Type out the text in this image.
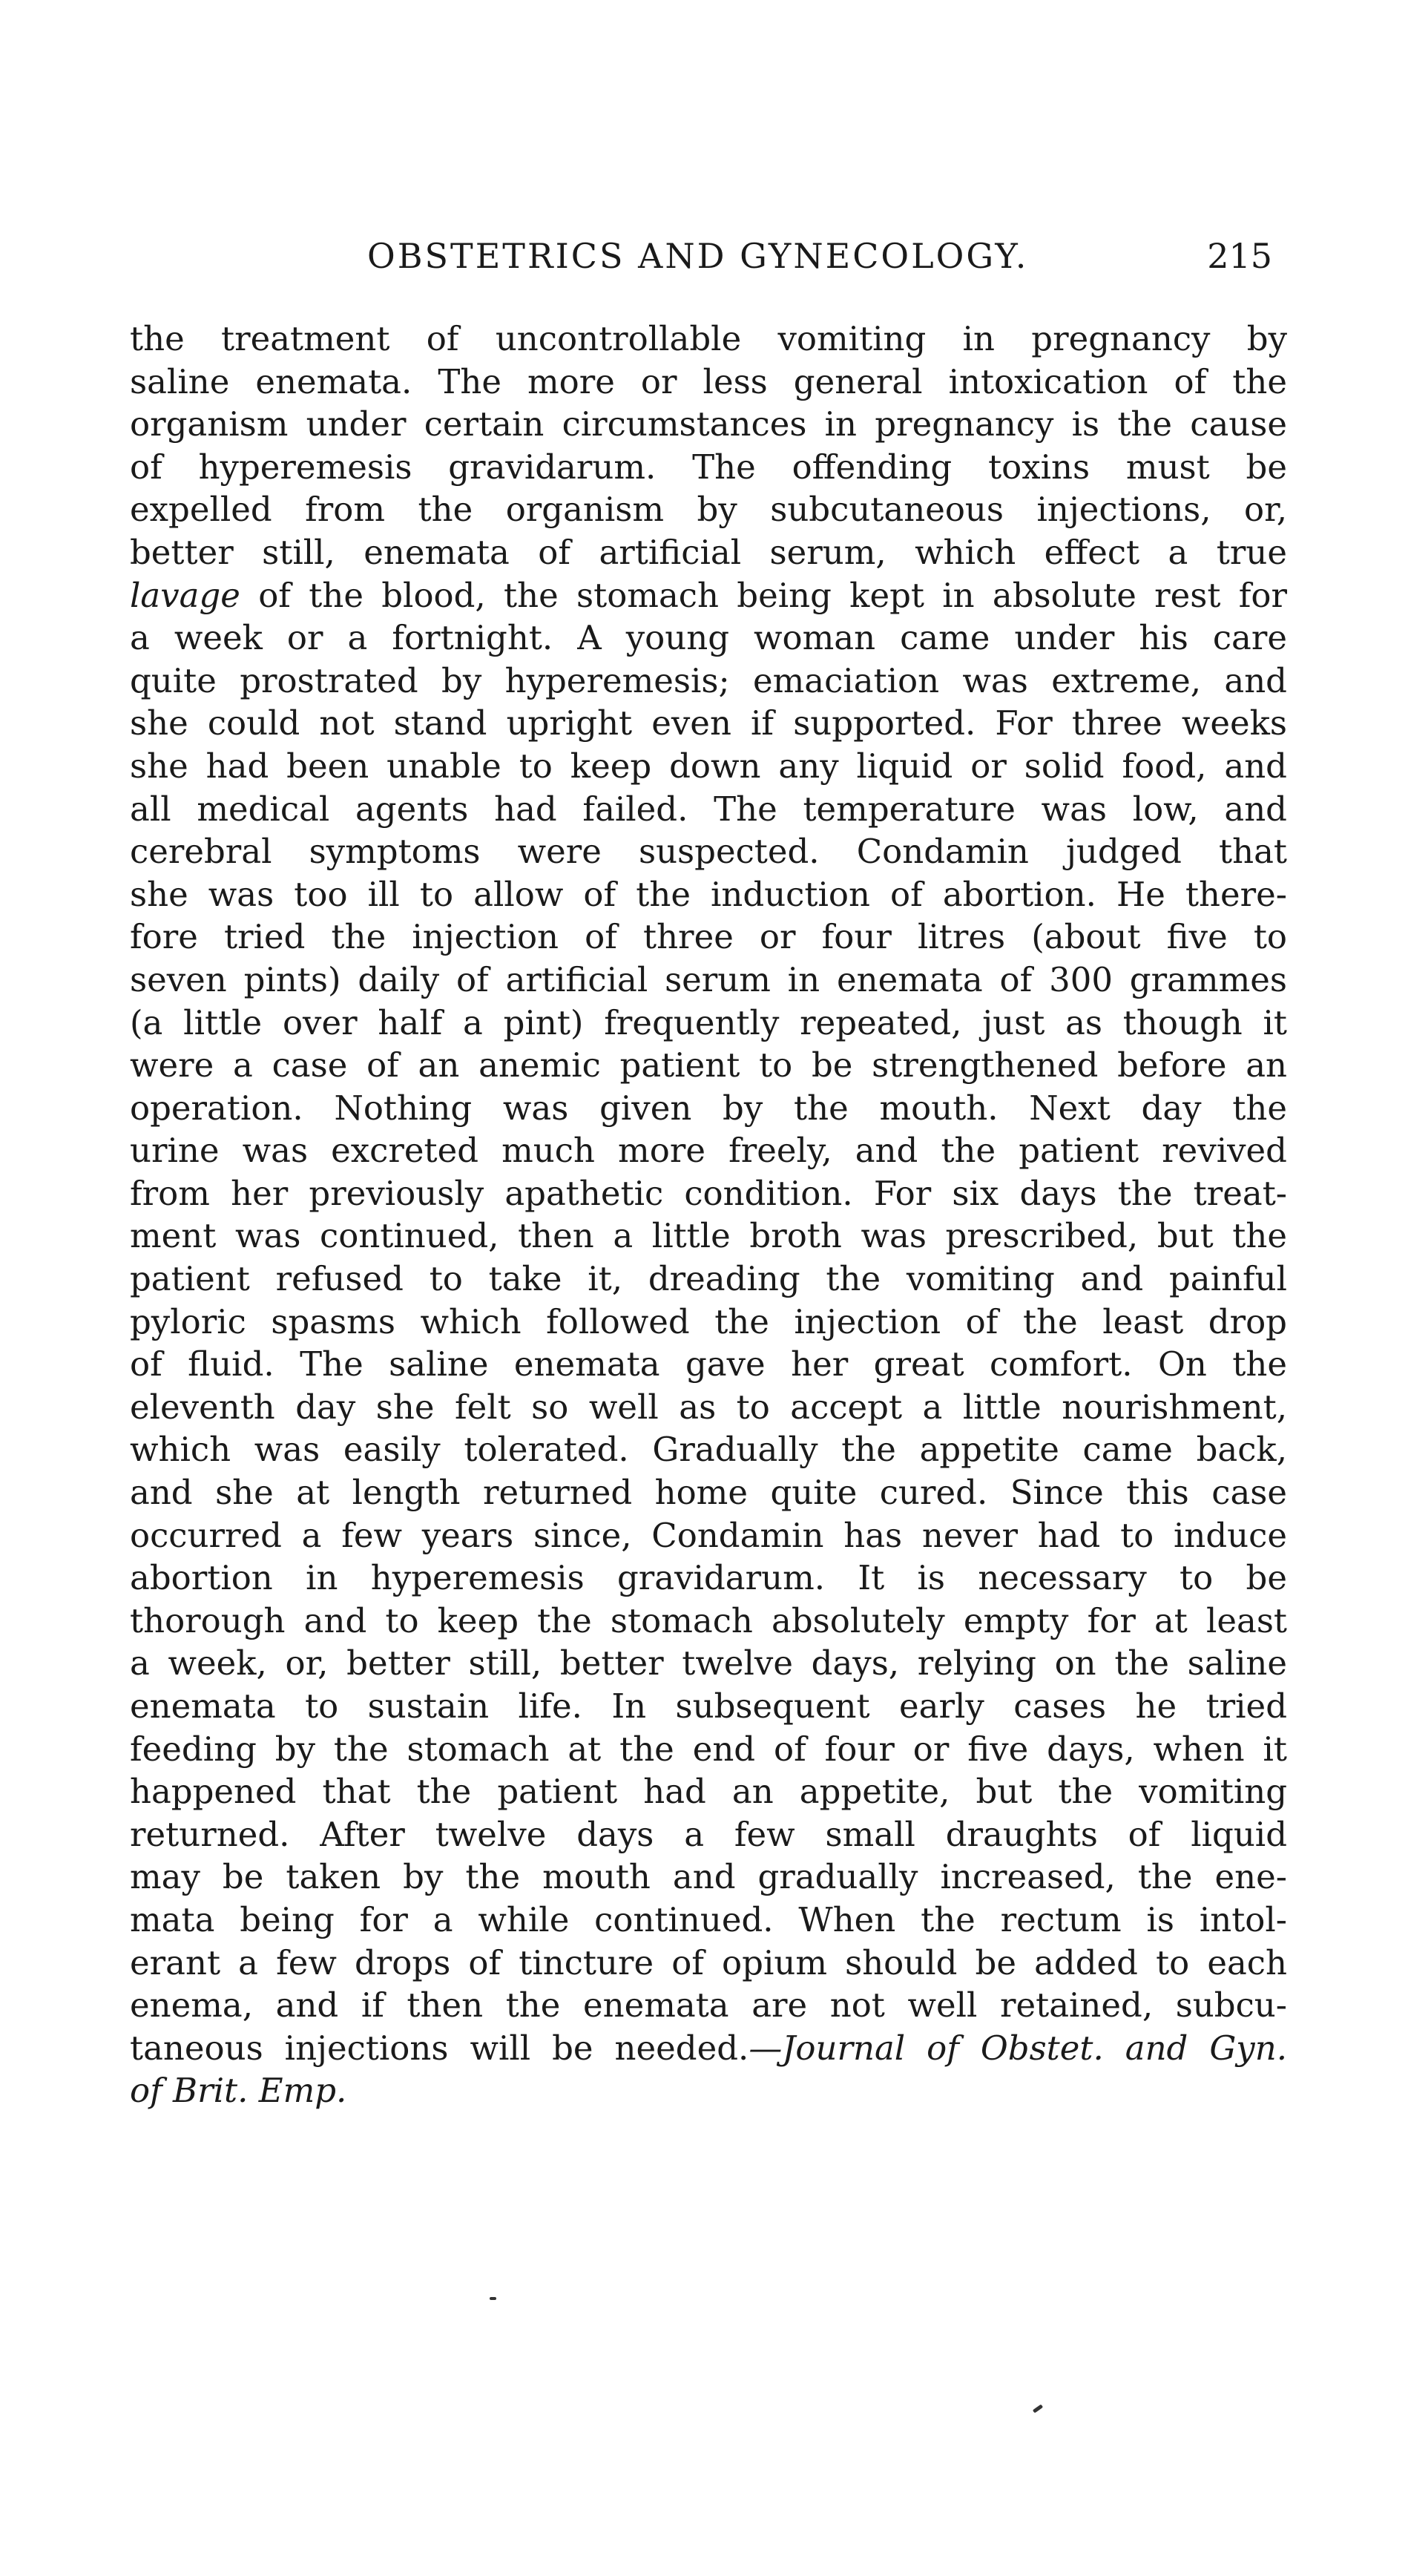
OBSTETRICS AND GYNECOLOGY.	215
the treatment of uncontrollable vomiting in pregnancy by
saline enemata. The more or less general intoxication of the
organism under certain circumstances in pregnancy is the cause
of hyperemesis gravidarum. The offending toxins must be
expelled from the organism by subcutaneous injections, or,
better still, enemata of artificial serum, which effect a true
lavage of the blood, the stomach being kept in absolute rest for
a week or a fortnight. A young woman came under his care
quite prostrated by hyperemesis; emaciation was extreme, and
she could not stand upright even if supported. For three weeks
she had been unable to keep down any liquid or solid food, and
all medical agents had failed. The temperature was low, and
cerebral symptoms were suspected. Condamin judged that
she was too ill to allow of the induction of abortion. He there-
fore tried the injection of three or four litres (about five to
seven pints) daily of artificial serum in enemata of 300 grammes
(a little over half a pint) frequently repeated, just as though it
were a case of an anemic patient to be strengthened before an
operation. Nothing was given by the mouth. Next day the
urine was excreted much more freely, and the patient revived
from her previously apathetic condition. For six days the treat-
ment was continued, then a little broth was prescribed, but the
patient refused to take it, dreading the vomiting and painful
pyloric spasms which followed the injection of the least drop
of fluid. The saline enemata gave her great comfort. On the
eleventh day she felt so well as to accept a little nourishment,
which was easily tolerated. Gradually the appetite came back,
and she at length returned home quite cured. Since this case
occurred a few years since, Condamin has never had to induce
abortion in hyperemesis gravidarum. It is necessary to be
thorough and to keep the stomach absolutely empty for at least
a week, or, better still, better twelve days, relying on the saline
enemata to sustain life. In subsequent early cases he tried
feeding by the stomach at the end of four or five days, when it
happened that the patient had an appetite, but the vomiting
returned. After twelve days a few small draughts of liquid
may be taken by the mouth and gradually increased, the ene-
mata being for a while continued. When the rectum is intol-
erant a few drops of tincture of opium should be added to each
enema, and if then the enemata are not well retained, subcu-
taneous injections will be needed.—Journal of Obstet. and Gyn.
of Brit. Emp.
